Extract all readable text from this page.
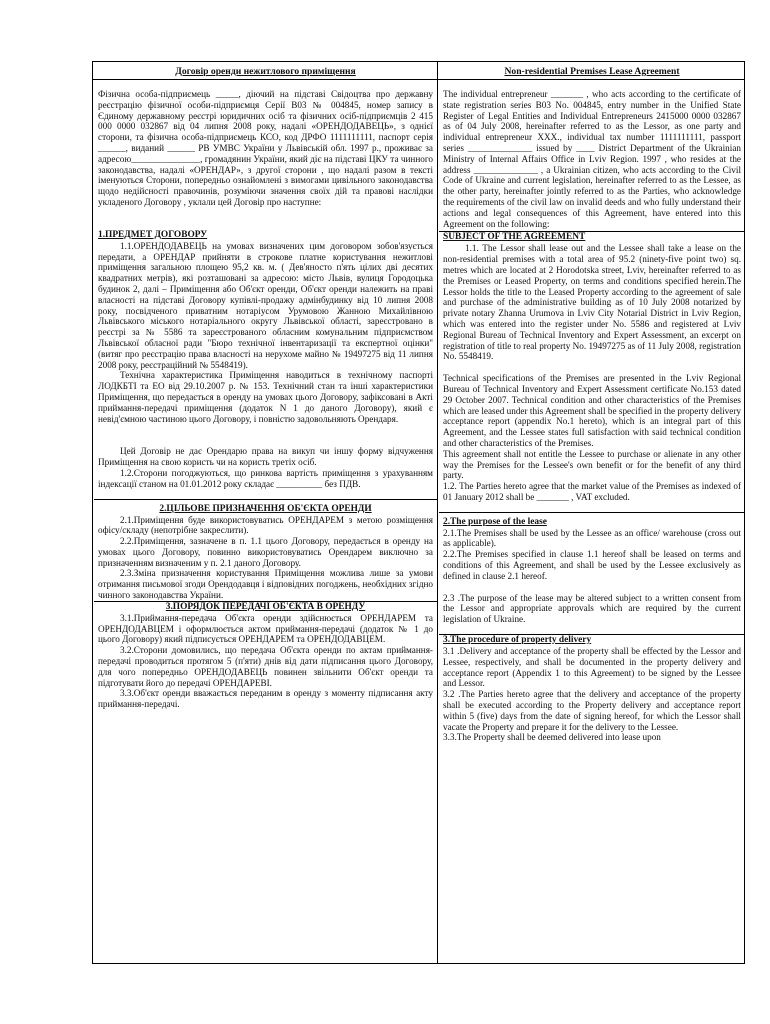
Договір оренди нежитлового приміщення

Фізична особа-підприємець _____, діючий на підставі Свідоцтва про державну реєстрацію фізичної особи-підприємця Серії В03 № 004845, номер запису в Єдиному державному реєстрі юридичних осіб та фізичних осіб-підприємців 2 415 000 0000 032867 від 04 липня 2008 року, надалі «ОРЕНДОДАВЕЦЬ», з однієї сторони, та фізична особа-підприємець КСО, код ДРФО 1111111111, паспорт серія ______, виданий ______ РВ УМВС України у Львівській обл. 1997 р., проживає за адресою_______________, громадянин України, який діє на підставі ЦКУ та чинного законодавства, надалі «ОРЕНДАР», з другої сторони , що надалі разом в тексті іменуються Сторони, попередньо ознайомлені з вимогами цивільного законодавства щодо недійсності правочинів, розуміючи значення своїх дій та правові наслідки укладеного Договору , уклали цей Договір про наступне:

1.ПРЕДМЕТ ДОГОВОРУ

1.1.ОРЕНДОДАВЕЦЬ на умовах визначених цим договором зобов'язується передати, а ОРЕНДАР прийняти в строкове платне користування нежитлові приміщення загальною площею 95,2 кв. м. ( Дев'яносто п'ять цілих дві десятих квадратних метрів), які розташовані за адресою: місто Львів, вулиця Городоцька будинок 2, далі – Приміщення або Об'єкт оренди, Об'єкт оренди належить на праві власності на підставі Договору купівлі-продажу адмінбудинку від 10 липня 2008 року, посвідченого приватним нотаріусом Урумовою Жанною Михайлівною Львівського міського нотаріального округу Львівської області, зареєстровано в реєстрі за № 5586 та зареєстрованого обласним комунальним підприємством Львівської обласної ради "Бюро технічної інвентаризації та експертної оцінки" (витяг про реєстрацію права власності на нерухоме майно № 19497275 від 11 липня 2008 року, реєстраційний № 5548419).

Технічна характеристика Приміщення наводиться в технічному паспорті ЛОДКБТІ та ЕО від 29.10.2007 р. № 153. Технічний стан та інші характеристики Приміщення, що передається в оренду на умовах цього Договору, зафіксовані в Акті приймання-передачі приміщення (додаток N 1 до даного Договору), який є невід'ємною частиною цього Договору, і повністю задовольняють Орендаря.

Цей Договір не дає Орендарю права на викуп чи іншу форму відчуження Приміщення на свою користь чи на користь третіх осіб.

1.2.Сторони погоджуються, що ринкова вартість приміщення з урахуванням індексації станом на 01.01.2012 року складає __________ без ПДВ.

2.ЦІЛЬОВЕ ПРИЗНАЧЕННЯ ОБ'ЄКТА ОРЕНДИ

2.1.Приміщення буде використовуватись ОРЕНДАРЕМ з метою розміщення офісу/складу (непотрібне закреслити).

2.2.Приміщення, зазначене в п. 1.1 цього Договору, передається в оренду на умовах цього Договору, повинно використовуватись Орендарем виключно за призначенням визначеним у п. 2.1 даного Договору.

2.3.Зміна призначення користування Приміщення можлива лише за умови отримання письмової згоди Орендодавця і відповідних погоджень, необхідних згідно чинного законодавства України.

3.ПОРЯДОК ПЕРЕДАЧІ ОБ'ЄКТА В ОРЕНДУ

3.1.Приймання-передача Об'єкта оренди здійснюється ОРЕНДАРЕМ та ОРЕНДОДАВЦЕМ і оформлюється актом приймання-передачі (додаток № 1 до цього Договору) який підписується ОРЕНДАРЕМ та ОРЕНДОДАВЦЕМ.

3.2.Сторони домовились, що передача Об'єкта оренди по актам приймання-передачі проводиться протягом 5 (п'яти) днів від дати підписання цього Договору, для чого попередньо ОРЕНДОДАВЕЦЬ повинен звільнити Об'єкт оренди та підготувати його до передачі ОРЕНДАРЕВІ.

3.3.Об'єкт оренди вважається переданим в оренду з моменту підписання акту приймання-передачі.

Non-residential Premises Lease Agreement

The individual entrepreneur _______ , who acts according to the certificate of state registration series В03 No. 004845, entry number in the Unified State Register of Legal Entities and Individual Entrepreneurs 2415000 0000 032867 as of 04 July 2008, hereinafter referred to as the Lessor, as one party and individual entrepreneur XXX., individual tax number 1111111111, passport series ______________ issued by ____ District Department of the Ukrainian Ministry of Internal Affairs Office in Lviv Region. 1997 , who resides at the address ______________ , a Ukrainian citizen, who acts according to the Civil Code of Ukraine and current legislation, hereinafter referred to as the Lessee, as the other party, hereinafter jointly referred to as the Parties, who acknowledge the requirements of the civil law on invalid deeds and who fully understand their actions and legal consequences of this Agreement, have entered into this Agreement on the following:

SUBJECT OF THE AGREEMENT

1.1. The Lessor shall lease out and the Lessee shall take a lease on the non-residential premises with a total area of 95.2 (ninety-five point two) sq. metres which are located at 2 Horodotska street, Lviv, hereinafter referred to as the Premises or Leased Property, on terms and conditions specified herein.The Lessor holds the title to the Leased Property according to the agreement of sale and purchase of the administrative building as of 10 July 2008 notarized by private notary Zhanna Urumova in Lviv City Notarial District in Lviv Region, which was entered into the register under No. 5586 and registered at Lviv Regional Bureau of Technical Inventory and Expert Assessment, an excerpt on registration of title to real property No. 19497275 as of 11 July 2008, registration No. 5548419.

Technical specifications of the Premises are presented in the Lviv Regional Bureau of Technical Inventory and Expert Assessment certificate No.153 dated 29 October 2007. Technical condition and other characteristics of the Premises which are leased under this Agreement shall be specified in the property delivery acceptance report (appendix No.1 hereto), which is an integral part of this Agreement, and the Lessee states full satisfaction with said technical condition and other characteristics of the Premises.

This agreement shall not entitle the Lessee to purchase or alienate in any other way the Premises for the Lessee's own benefit or for the benefit of any third party.

1.2. The Parties hereto agree that the market value of the Premises as indexed of 01 January 2012 shall be _______ , VAT excluded.

2.The purpose of the lease

2.1.The Premises shall be used by the Lessee as an office/ warehouse (cross out as applicable).

2.2.The Premises specified in clause 1.1 hereof shall be leased on terms and conditions of this Agreement, and shall be used by the Lessee exclusively as defined in clause 2.1 hereof.

2.3 .The purpose of the lease may be altered subject to a written consent from the Lessor and appropriate approvals which are required by the current legislation of Ukraine.

3.The procedure of property delivery

3.1 .Delivery and acceptance of the property shall be effected by the Lessor and Lessee, respectively, and shall be documented in the property delivery and acceptance report (Appendix 1 to this Agreement) to be signed by the Lessee and Lessor.

3.2 .The Parties hereto agree that the delivery and acceptance of the property shall be executed according to the Property delivery and acceptance report within 5 (five) days from the date of signing hereof, for which the Lessor shall vacate the Property and prepare it for the delivery to the Lessee.

3.3.The Property shall be deemed delivered into lease upon
